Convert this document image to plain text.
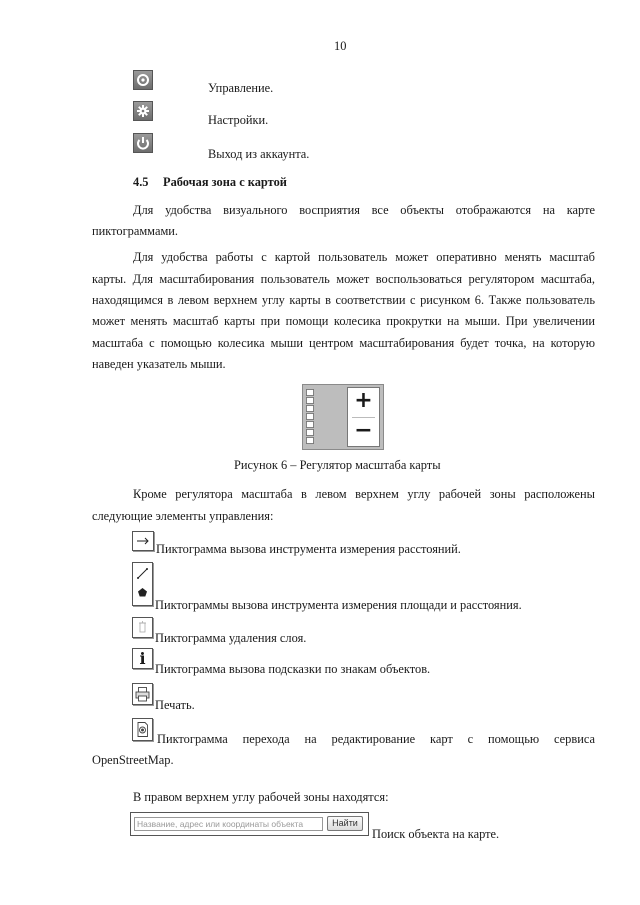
10
Управление.
Настройки.
Выход из аккаунта.
4.5 Рабочая зона с картой
Для удобства визуального восприятия все объекты отображаются на карте
пиктограммами.
Для удобства работы с картой пользователь может оперативно менять масштаб
карты. Для масштабирования пользователь может воспользоваться регулятором масштаба,
находящимся в левом верхнем углу карты в соответствии с рисунком 6. Также пользователь
может менять масштаб карты при помощи колесика прокрутки на мыши. При увеличении
масштаба с помощью колесика мыши центром масштабирования будет точка, на которую
наведен указатель мыши.
+
−
Рисунок 6 – Регулятор масштаба карты
Кроме регулятора масштаба в левом верхнем углу рабочей зоны расположены
следующие элементы управления:
Пиктограмма вызова инструмента измерения расстояний.
Пиктограммы вызова инструмента измерения площади и расстояния.
Пиктограмма удаления слоя.
i
Пиктограмма вызова подсказки по знакам объектов.
Печать.
Пиктограмма перехода на редактирование карт с помощью сервиса
OpenStreetMap.
В правом верхнем углу рабочей зоны находятся:
Название, адрес или координаты объекта	Найти
Поиск объекта на карте.
